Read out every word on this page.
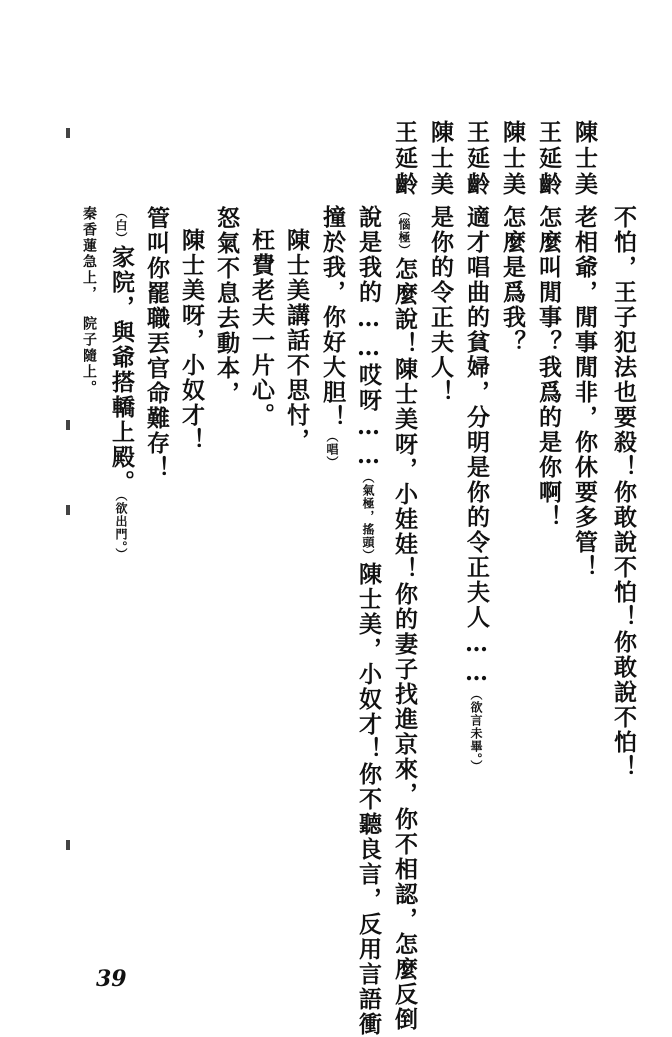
不怕，王子犯法也要殺！你敢說不怕！你敢說不怕！
陳士美
老相爺，閒事閒非，你休要多管！
王延齡
怎麼叫閒事？我爲的是你啊！
陳士美
怎麼是爲我？
王延齡
適才唱曲的貧婦，分明是你的令正夫人……（欲言未畢。）
陳士美
是你的令正夫人！
王延齡
（惱極）怎麼說！陳士美呀，小娃娃！你的妻子找進京來，你不相認，怎麼反倒
說是我的……哎呀……（氣極，搖頭）陳士美，小奴才！你不聽良言，反用言語衝
撞於我，你好大胆！（唱）
陳士美講話不思忖，
枉費老夫一片心。
怒氣不息去動本，
陳士美呀，小奴才！
管叫你罷職丟官命難存！
（白）家院，與爺搭轎上殿。（欲出門。）
秦香蓮急上，院子隨上。
39
